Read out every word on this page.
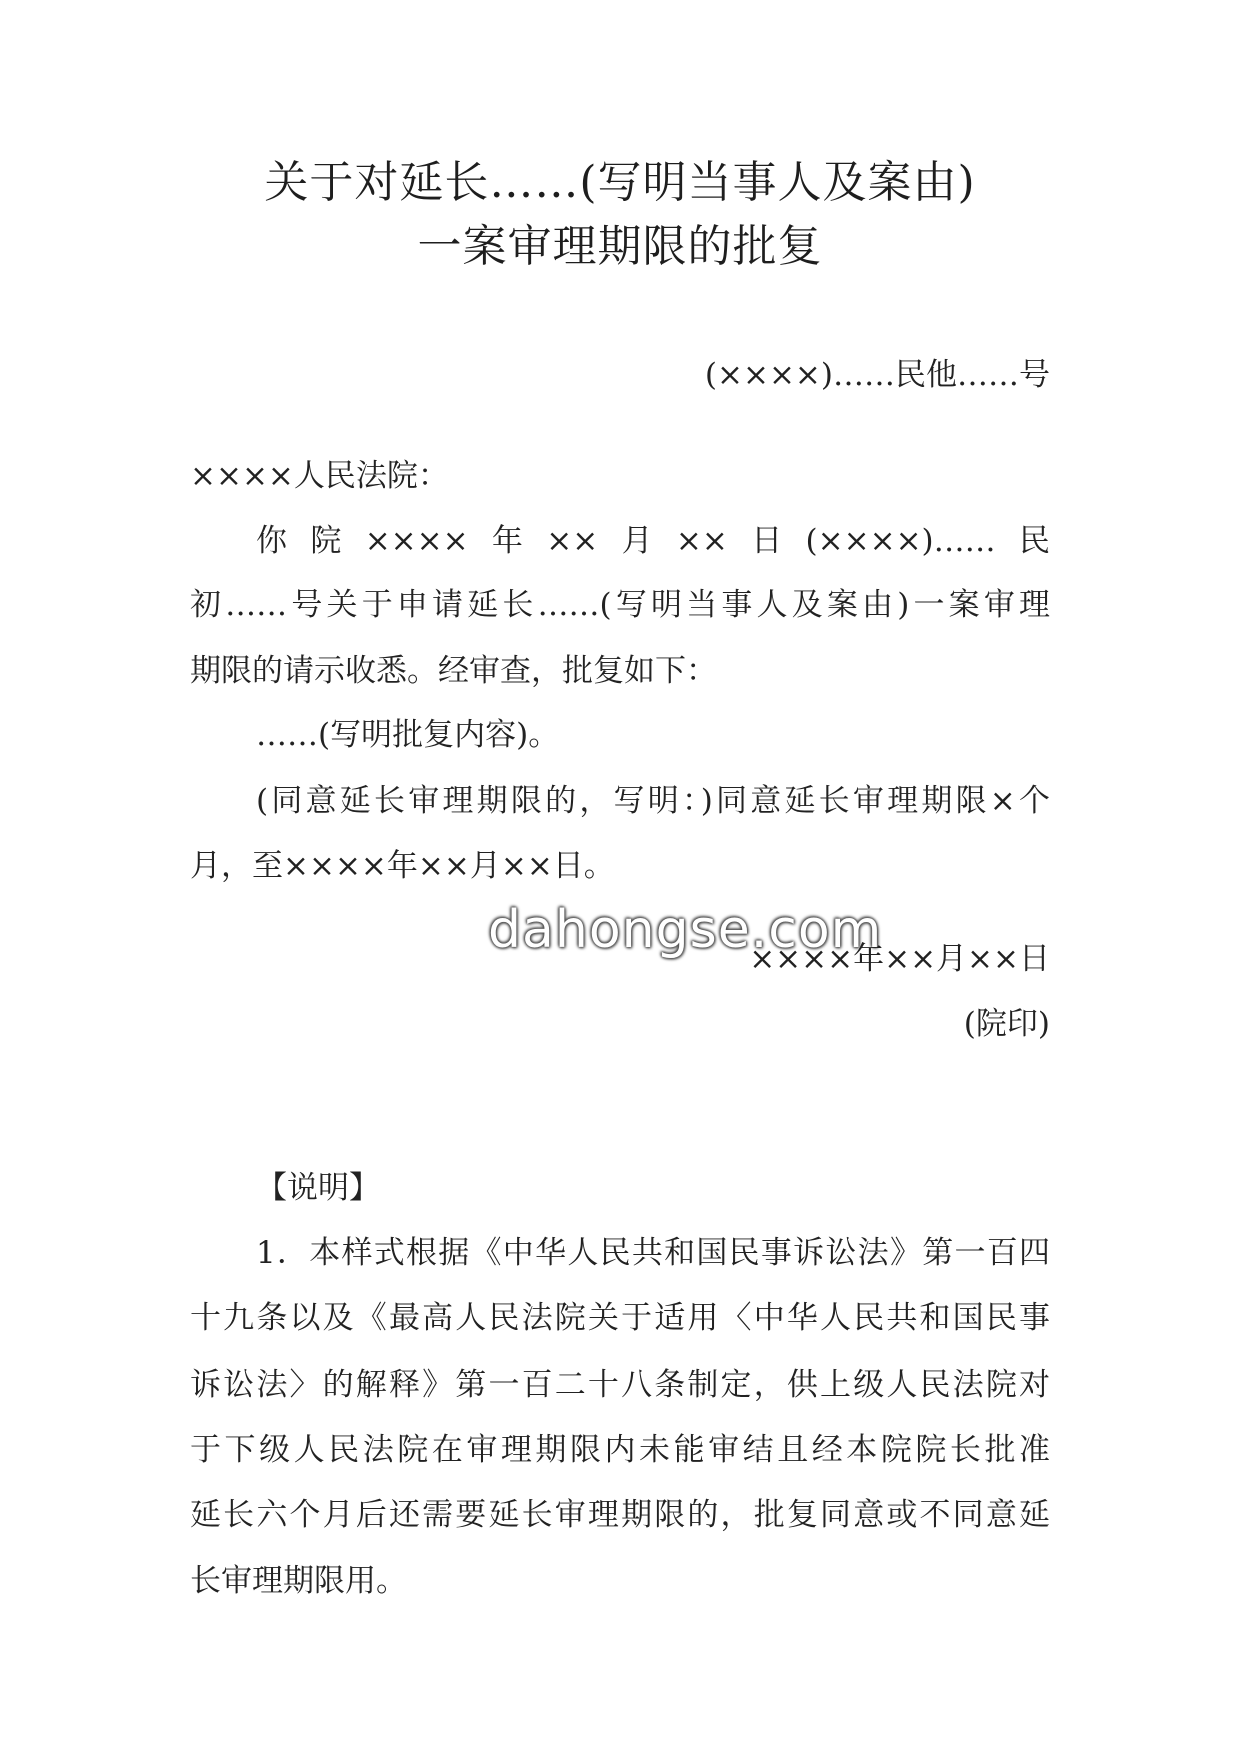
关于对延长……(写明当事人及案由)
一案审理期限的批复
(××××)……民他……号
××××人民法院：
你院××××年××月××日(××××)……民
初……号关于申请延长……(写明当事人及案由)一案审理
期限的请示收悉。经审查，批复如下：
……(写明批复内容)。
(同意延长审理期限的，写明：)同意延长审理期限×个
月，至××××年××月××日。
dahongse.com
××××年××月××日
(院印)
【说明】
1．本样式根据《中华人民共和国民事诉讼法》第一百四
十九条以及《最高人民法院关于适用〈中华人民共和国民事
诉讼法〉的解释》第一百二十八条制定，供上级人民法院对
于下级人民法院在审理期限内未能审结且经本院院长批准
延长六个月后还需要延长审理期限的，批复同意或不同意延
长审理期限用。
